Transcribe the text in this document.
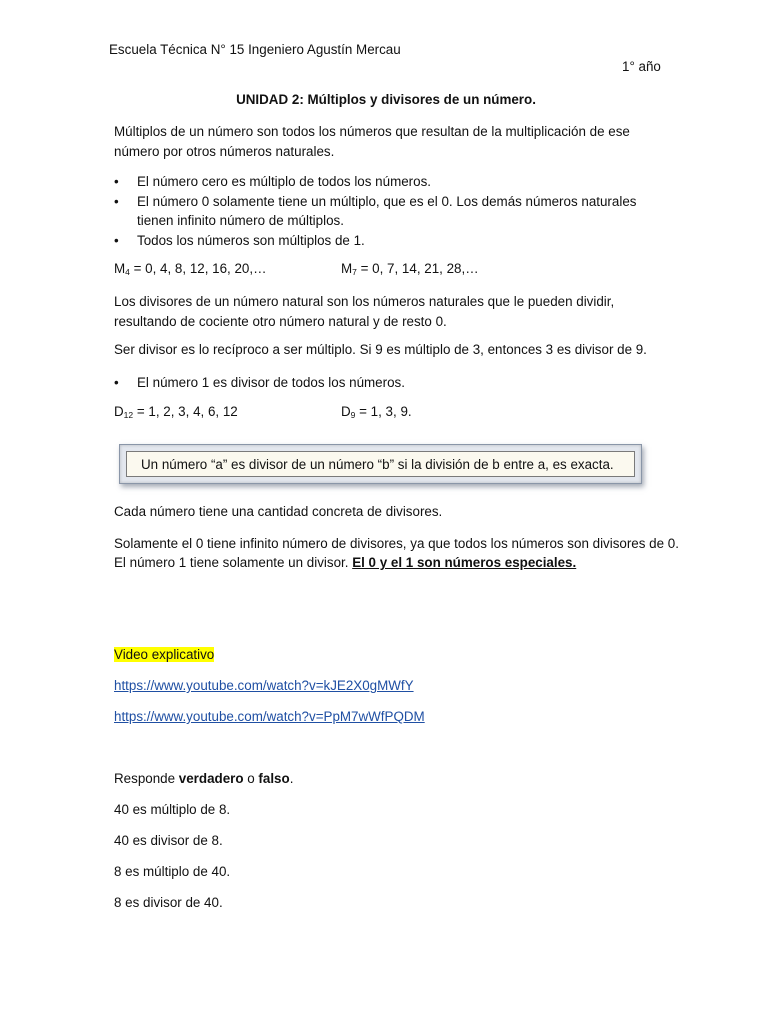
Escuela Técnica N° 15 Ingeniero Agustín Mercau
1° año
UNIDAD 2: Múltiplos y divisores de un número.
Múltiplos de un número son todos los números que resultan de la multiplicación de ese número por otros números naturales.
• El número cero es múltiplo de todos los números.
• El número 0 solamente tiene un múltiplo, que es el 0. Los demás números naturales tienen infinito número de múltiplos.
• Todos los números son múltiplos de 1.
$M_4 = 0$, 4, 8, 12, 16, 20,…	$M_7 = 0$, 7, 14, 21, 28,…
Los divisores de un número natural son los números naturales que le pueden dividir, resultando de cociente otro número natural y de resto 0.
Ser divisor es lo recíproco a ser múltiplo. Si 9 es múltiplo de 3, entonces 3 es divisor de 9.
• El número 1 es divisor de todos los números.
$D_{12} = 1$, 2, 3, 4, 6, 12	$D_9 = 1$, 3, 9.
Un número “a” es divisor de un número “b” si la división de b entre a, es exacta.
Cada número tiene una cantidad concreta de divisores.
Solamente el 0 tiene infinito número de divisores, ya que todos los números son divisores de 0.
El número 1 tiene solamente un divisor. El 0 y el 1 son números especiales.
Video explicativo
https://www.youtube.com/watch?v=kJE2X0gMWfY
https://www.youtube.com/watch?v=PpM7wWfPQDM
Responde verdadero o falso.
40 es múltiplo de 8.
40 es divisor de 8.
8 es múltiplo de 40.
8 es divisor de 40.
